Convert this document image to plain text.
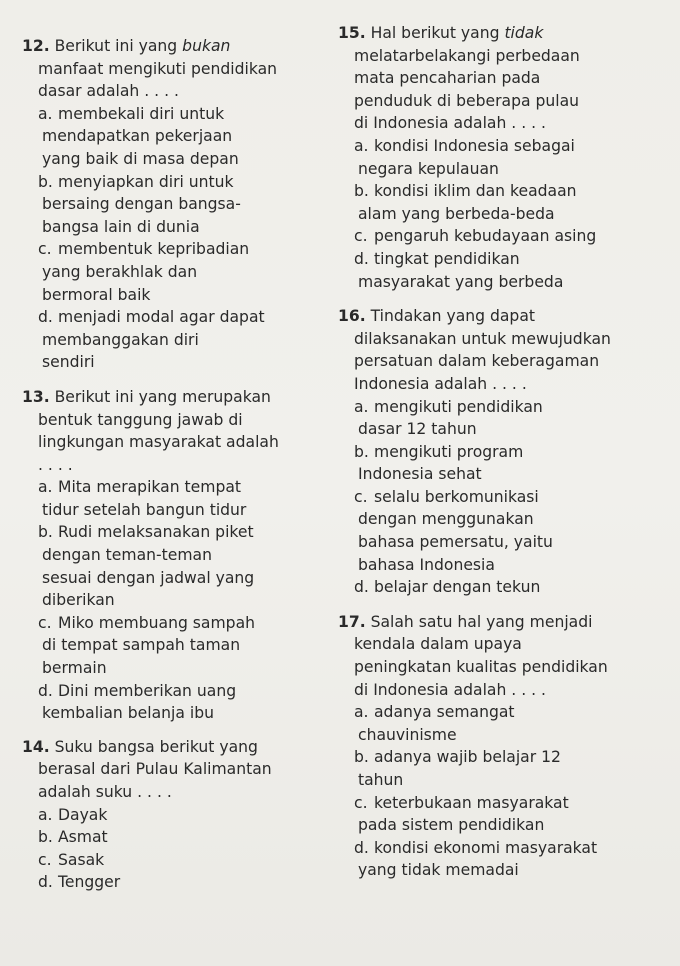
12. Berikut ini yang bukan
manfaat mengikuti pendidikan
dasar adalah . . . .
a. membekali diri untuk
mendapatkan pekerjaan
yang baik di masa depan
b. menyiapkan diri untuk
bersaing dengan bangsa-
bangsa lain di dunia
c. membentuk kepribadian
yang berakhlak dan
bermoral baik
d. menjadi modal agar dapat
membanggakan diri
sendiri
13. Berikut ini yang merupakan
bentuk tanggung jawab di
lingkungan masyarakat adalah
. . . .
a. Mita merapikan tempat
tidur setelah bangun tidur
b. Rudi melaksanakan piket
dengan teman-teman
sesuai dengan jadwal yang
diberikan
c. Miko membuang sampah
di tempat sampah taman
bermain
d. Dini memberikan uang
kembalian belanja ibu
14. Suku bangsa berikut yang
berasal dari Pulau Kalimantan
adalah suku . . . .
a. Dayak
b. Asmat
c. Sasak
d. Tengger
15. Hal berikut yang tidak
melatarbelakangi perbedaan
mata pencaharian pada
penduduk di beberapa pulau
di Indonesia adalah . . . .
a. kondisi Indonesia sebagai
negara kepulauan
b. kondisi iklim dan keadaan
alam yang berbeda-beda
c. pengaruh kebudayaan asing
d. tingkat pendidikan
masyarakat yang berbeda
16. Tindakan yang dapat
dilaksanakan untuk mewujudkan
persatuan dalam keberagaman
Indonesia adalah . . . .
a. mengikuti pendidikan
dasar 12 tahun
b. mengikuti program
Indonesia sehat
c. selalu berkomunikasi
dengan menggunakan
bahasa pemersatu, yaitu
bahasa Indonesia
d. belajar dengan tekun
17. Salah satu hal yang menjadi
kendala dalam upaya
peningkatan kualitas pendidikan
di Indonesia adalah . . . .
a. adanya semangat
chauvinisme
b. adanya wajib belajar 12
tahun
c. keterbukaan masyarakat
pada sistem pendidikan
d. kondisi ekonomi masyarakat
yang tidak memadai
